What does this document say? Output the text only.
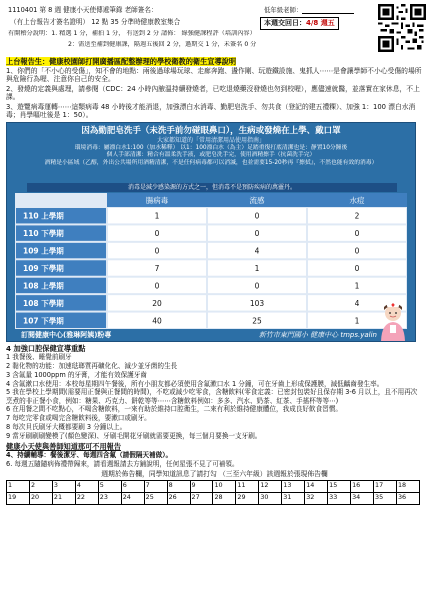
1110401 第 8 週 健康小天使傳遞筆錄 老師簽名：
（有上台報告才簽名證明） 12 點 35 分準時健康教室集合
有開稽分說明：1. 精選 1 分，補拍 1 分， 有送到 2 分 請佈： 綠強健課程評（培訓內容）
2：需送至補到健康課，隔週五後回 2 分，過期交 1 分，未簽名 0 分
低年級老師：
本週交回日：4/8 週五
上台報告生：健康校園師打開廣播區配整辦理的學校衛教的衛生宣導說明
1、你們的「不小心的受傷」，知不會的地點：兩後過球場玩球、走廊奔跑、盪作剛、玩遊鐵設施、鬼抓人⋯⋯是會讓學師不小心受傷的場所與危險行為喔、注意你自己的安全。
2、發燒的定義與處理，請參閱（CDC：24 小時內腋溫持續發燒者，已吃退燒藥沒發燒也勿到校喔），應儘速就醫，並落實在家休息，不上課。
3、遊覽病毒運轉⋯⋯這類病毒 48 小時後才能消退，加強漂白水消毒、勤肥皂洗手、勿共食（登記的建五禮粿）、加強 1：100 漂白水消毒；肖學嘔吐後是 1：50）。
因為勤肥皂洗手（未洗手前勿碰眼鼻口），生病或發燒在上學、戴口罩
大家都知道的「常用清潔用品使用指南」
環境消毒：屬漂白水1:100（加水稀釋） 以1：100漂白水（為主）足踏重復打底清潔也是：靜置10分鐘後
個人手部清潔：精合有溫柔洗手液，或肥皂洗手完，使用酒精擦手（抗菌洗手完）
酒精是小區域（乙醇，外出公共場所用酒精清潔，不是任何病毒都可以消滅，也並需要15-20秒再『擦拭』，不然也能有效的消毒）
消毒是減少感染源的方式之一，但消毒不是預防疾病的萬靈丹。
腸病毒	流感	水痘
110 上學期	1	0	2
110 下學期	0	0	0
109 上學期	0	4	0
109 下學期	7	1	0
108 上學期	0	0	1
108 下學期	20	103	4
107 下學期	40	25	1
訂閱健康中心(雅琳阿姨)粉專	新竹市東門國小 健康中心 tmps.yalin
4 加強口腔保健宣導重點
1 我餐後、睡覺前刷牙
2 黏化物的功能：加速琺瑯質再礦化化、減少並牙菌的生長
3 含氟量 1000ppm 的牙膏，才能有效保護牙齒
4 含氟漱口水使用：本校每星期四午餐後，所有小朋友都必須使用含氟漱口水 1 分鐘，可在牙齒上形成保護膜，減低齲齒發生率。
5 我在學校上學期間(需要用正餐與正餐間的時間)，不吃或減少吃零食，含糖飲料(零食定義：已密封包裝好且保存期 3-6 月以上，且不用再次烹煮的非正餐小食，例如：糖果、巧克力、餅乾等等⋯⋯含糖飲料例如：多多、汽水、奶茶、紅茶、手搖杯等等⋯)
6 在用餐之間不吃點心，不喝含糖飲料，一來有助於維持口腔衛生，二來有利於維持健康體位，我成良好飲食習慣。
7 每吃完零食或喝完含糖飲料後，要漱口或刷牙。
8 每次貝氏刷牙大概都要刷 3 分鐘以上。
9 當牙刷刷刷變模了(顏色變深)、牙刷毛開花牙刷就需要更換，每三個月要換一支牙刷。
健康小天使與善師知道那可不用報告
4、持續輔導：餐後潔牙、每週四含氟（請假隔天補做）。
6. 每週五隨隨病佈禮帶歸來，請看週報請去方鋪說明，任何星張不見了可補領。
週期於佈告欄，同學知道訊息了請打勾 （三至六年級）該週報於張現佈告欄
1	2	3	4	5	6	7	8	9	10	11	12	13	14	15	16	17	18
19	20	21	22	23	24	25	26	27	28	29	30	31	32	33	34	35	36
